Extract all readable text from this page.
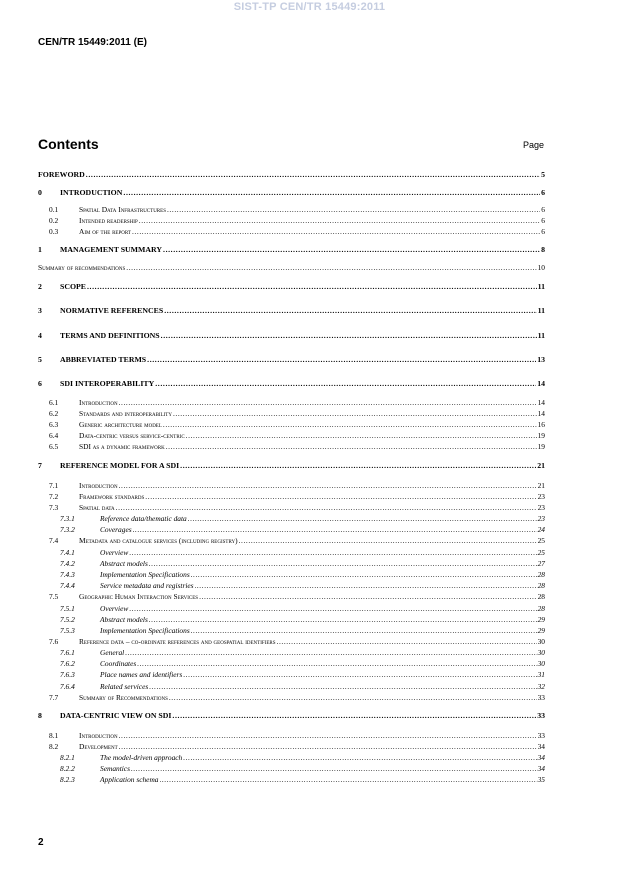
SIST-TP CEN/TR 15449:2011
CEN/TR 15449:2011 (E)
Contents	Page
FOREWORD .....	5
0	INTRODUCTION .....	6
0.1	Spatial Data Infrastructures .....	6
0.2	Intended readership .....	6
0.3	Aim of the report .....	6
1	MANAGEMENT SUMMARY .....	8
Summary of recommendations .....	10
2	SCOPE .....	11
3	NORMATIVE REFERENCES .....	11
4	TERMS AND DEFINITIONS .....	11
5	ABBREVIATED TERMS .....	13
6	SDI INTEROPERABILITY .....	14
6.1	Introduction .....	14
6.2	Standards and interoperability .....	14
6.3	Generic architecture model .....	16
6.4	Data-centric versus service-centric .....	19
6.5	SDI as a dynamic framework .....	19
7	REFERENCE MODEL FOR A SDI .....	21
7.1	Introduction .....	21
7.2	Framework standards .....	23
7.3	Spatial data .....	23
7.3.1	Reference data/thematic data .....	23
7.3.2	Coverages .....	24
7.4	Metadata and catalogue services (including registry) .....	25
7.4.1	Overview .....	25
7.4.2	Abstract models .....	27
7.4.3	Implementation Specifications .....	28
7.4.4	Service metadata and registries .....	28
7.5	Geographic Human Interaction Services .....	28
7.5.1	Overview .....	28
7.5.2	Abstract models .....	29
7.5.3	Implementation Specifications .....	29
7.6	Reference data – co-ordinate references and geospatial identifiers .....	30
7.6.1	General .....	30
7.6.2	Coordinates .....	30
7.6.3	Place names and identifiers .....	31
7.6.4	Related services .....	32
7.7	Summary of Recommendations .....	33
8	DATA-CENTRIC VIEW ON SDI .....	33
8.1	Introduction .....	33
8.2	Development .....	34
8.2.1	The model-driven approach .....	34
8.2.2	Semantics .....	34
8.2.3	Application schema .....	35
2
